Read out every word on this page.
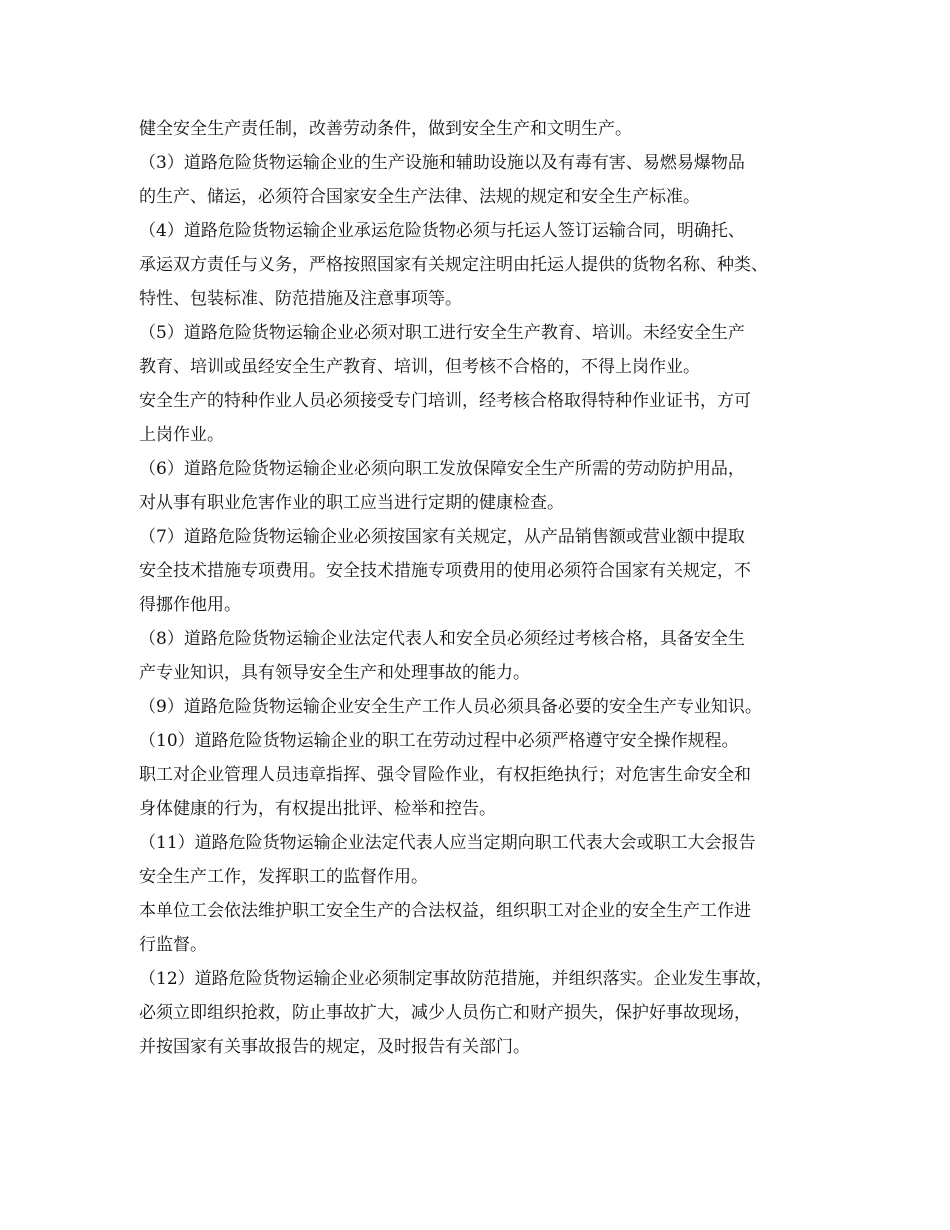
健全安全生产责任制，改善劳动条件，做到安全生产和文明生产。

（3）道路危险货物运输企业的生产设施和辅助设施以及有毒有害、易燃易爆物品

的生产、储运，必须符合国家安全生产法律、法规的规定和安全生产标准。

（4）道路危险货物运输企业承运危险货物必须与托运人签订运输合同，明确托、

承运双方责任与义务，严格按照国家有关规定注明由托运人提供的货物名称、种类、

特性、包装标准、防范措施及注意事项等。

（5）道路危险货物运输企业必须对职工进行安全生产教育、培训。未经安全生产

教育、培训或虽经安全生产教育、培训，但考核不合格的，不得上岗作业。

安全生产的特种作业人员必须接受专门培训，经考核合格取得特种作业证书，方可

上岗作业。

（6）道路危险货物运输企业必须向职工发放保障安全生产所需的劳动防护用品，

对从事有职业危害作业的职工应当进行定期的健康检查。

（7）道路危险货物运输企业必须按国家有关规定，从产品销售额或营业额中提取

安全技术措施专项费用。安全技术措施专项费用的使用必须符合国家有关规定，不

得挪作他用。

（8）道路危险货物运输企业法定代表人和安全员必须经过考核合格，具备安全生

产专业知识，具有领导安全生产和处理事故的能力。

（9）道路危险货物运输企业安全生产工作人员必须具备必要的安全生产专业知识。

（10）道路危险货物运输企业的职工在劳动过程中必须严格遵守安全操作规程。

职工对企业管理人员违章指挥、强令冒险作业，有权拒绝执行；对危害生命安全和

身体健康的行为，有权提出批评、检举和控告。

（11）道路危险货物运输企业法定代表人应当定期向职工代表大会或职工大会报告

安全生产工作，发挥职工的监督作用。

本单位工会依法维护职工安全生产的合法权益，组织职工对企业的安全生产工作进

行监督。

（12）道路危险货物运输企业必须制定事故防范措施，并组织落实。企业发生事故，

必须立即组织抢救，防止事故扩大，减少人员伤亡和财产损失，保护好事故现场，

并按国家有关事故报告的规定，及时报告有关部门。
